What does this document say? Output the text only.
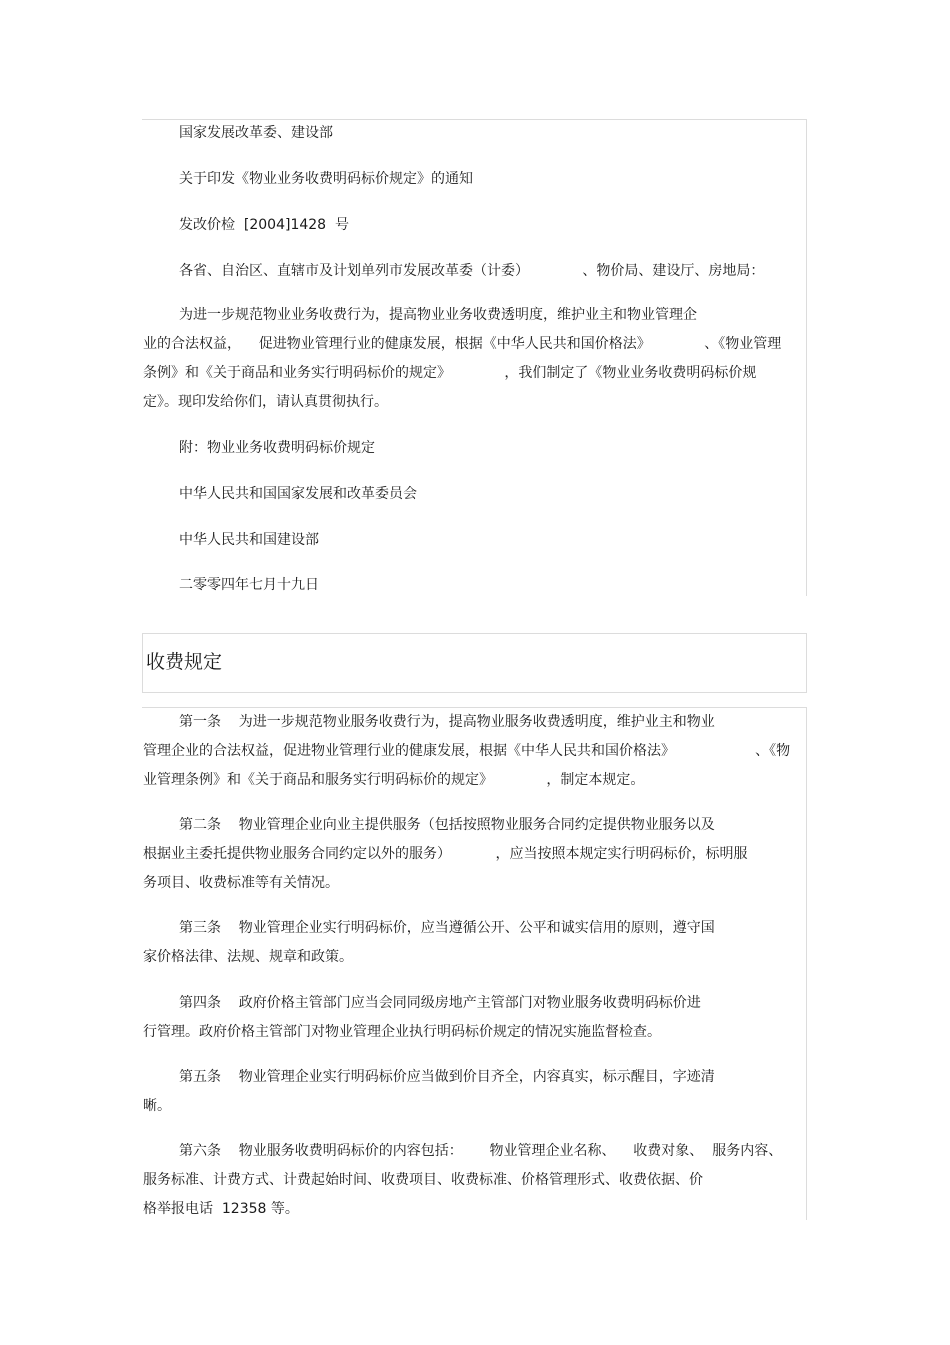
国家发展改革委、建设部
关于印发《物业业务收费明码标价规定》的通知
发改价检  [2004]1428  号
各省、自治区、直辖市及计划单列市发展改革委（计委）            、物价局、建设厅、房地局：
为进一步规范物业业务收费行为，提高物业业务收费透明度，维护业主和物业管理企
业的合法权益，    促进物业管理行业的健康发展，根据《中华人民共和国价格法》            、《物业管理
条例》和《关于商品和业务实行明码标价的规定》            ，我们制定了《物业业务收费明码标价规
定》。现印发给你们，请认真贯彻执行。
附：物业业务收费明码标价规定
中华人民共和国国家发展和改革委员会
中华人民共和国建设部
二零零四年七月十九日
收费规定
第一条    为进一步规范物业服务收费行为，提高物业服务收费透明度，维护业主和物业
管理企业的合法权益，促进物业管理行业的健康发展，根据《中华人民共和国价格法》                  、《物
业管理条例》和《关于商品和服务实行明码标价的规定》            ，制定本规定。
第二条    物业管理企业向业主提供服务（包括按照物业服务合同约定提供物业服务以及
根据业主委托提供物业服务合同约定以外的服务）          ，应当按照本规定实行明码标价，标明服
务项目、收费标准等有关情况。
第三条    物业管理企业实行明码标价，应当遵循公开、公平和诚实信用的原则，遵守国
家价格法律、法规、规章和政策。
第四条    政府价格主管部门应当会同同级房地产主管部门对物业服务收费明码标价进
行管理。政府价格主管部门对物业管理企业执行明码标价规定的情况实施监督检查。
第五条    物业管理企业实行明码标价应当做到价目齐全，内容真实，标示醒目，字迹清
晰。
第六条    物业服务收费明码标价的内容包括：      物业管理企业名称、    收费对象、  服务内容、
服务标准、计费方式、计费起始时间、收费项目、收费标准、价格管理形式、收费依据、价
格举报电话  12358 等。
